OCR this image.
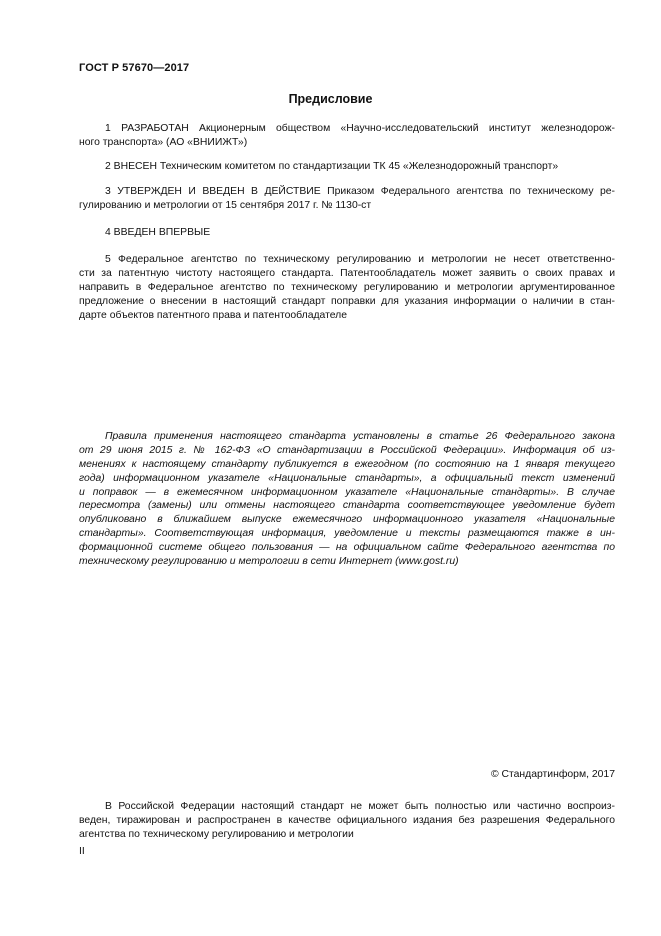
ГОСТ Р 57670—2017
Предисловие
1 РАЗРАБОТАН Акционерным обществом «Научно-исследовательский институт железнодорож-
ного транспорта» (АО «ВНИИЖТ»)
2 ВНЕСЕН Техническим комитетом по стандартизации ТК 45 «Железнодорожный транспорт»
3 УТВЕРЖДЕН И ВВЕДЕН В ДЕЙСТВИЕ Приказом Федерального агентства по техническому ре-
гулированию и метрологии от 15 сентября 2017 г. № 1130-ст
4 ВВЕДЕН ВПЕРВЫЕ
5 Федеральное агентство по техническому регулированию и метрологии не несет ответственно-
сти за патентную чистоту настоящего стандарта. Патентообладатель может заявить о своих правах и
направить в Федеральное агентство по техническому регулированию и метрологии аргументированное
предложение о внесении в настоящий стандарт поправки для указания информации о наличии в стан-
дарте объектов патентного права и патентообладателе
Правила применения настоящего стандарта установлены в статье 26 Федерального закона
от 29 июня 2015 г. № 162-ФЗ «О стандартизации в Российской Федерации». Информация об из-
менениях к настоящему стандарту публикуется в ежегодном (по состоянию на 1 января текущего
года) информационном указателе «Национальные стандарты», а официальный текст изменений
и поправок — в ежемесячном информационном указателе «Национальные стандарты». В случае
пересмотра (замены) или отмены настоящего стандарта соответствующее уведомление будет
опубликовано в ближайшем выпуске ежемесячного информационного указателя «Национальные
стандарты». Соответствующая информация, уведомление и тексты размещаются также в ин-
формационной системе общего пользования — на официальном сайте Федерального агентства по
техническому регулированию и метрологии в сети Интернет (www.gost.ru)
© Стандартинформ, 2017
В Российской Федерации настоящий стандарт не может быть полностью или частично воспроиз-
веден, тиражирован и распространен в качестве официального издания без разрешения Федерального
агентства по техническому регулированию и метрологии
II
